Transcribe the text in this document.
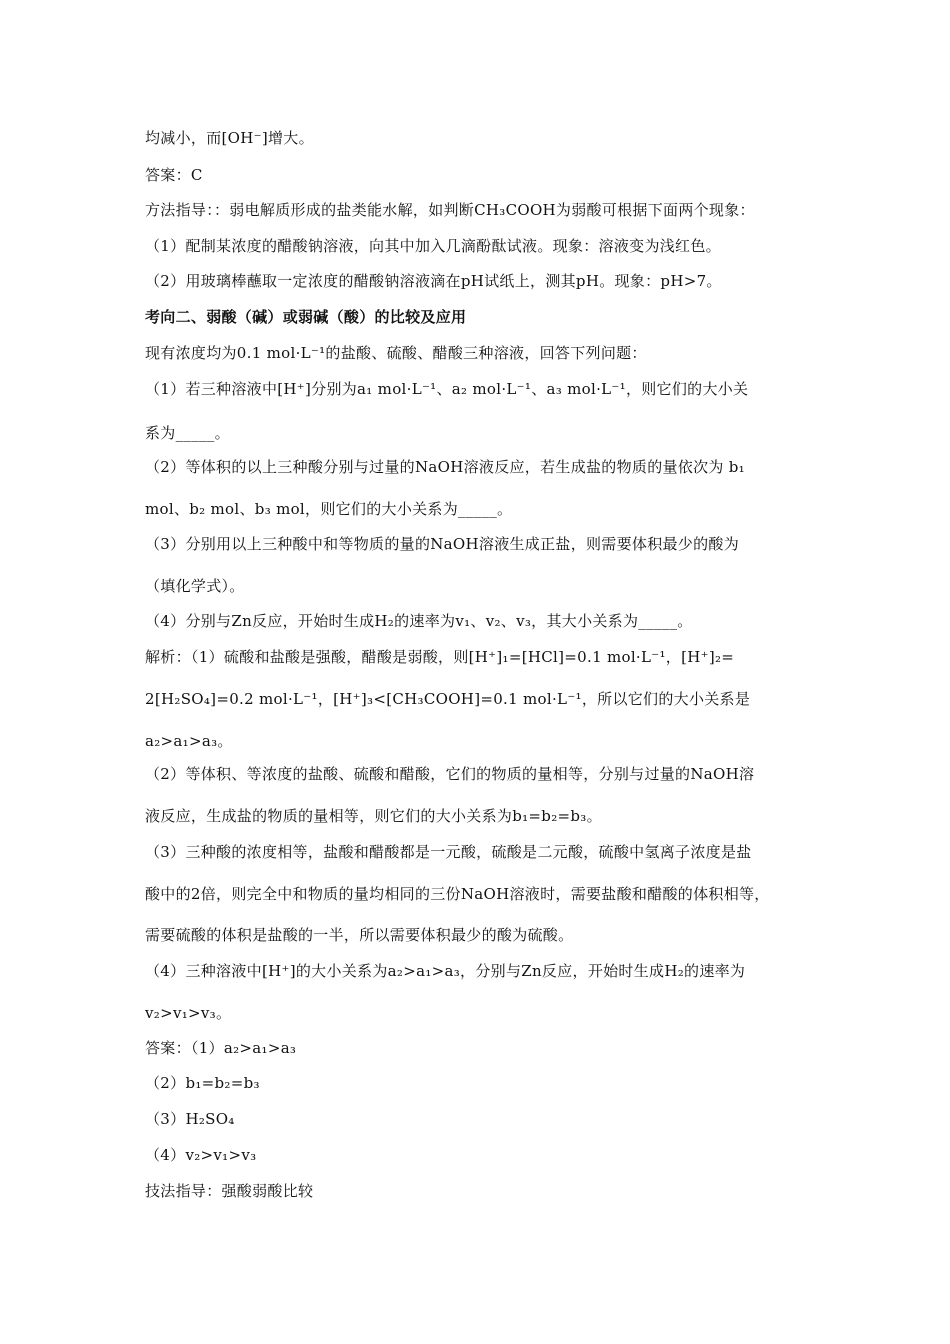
均减小，而[OH⁻]增大。
答案：C
方法指导：：弱电解质形成的盐类能水解，如判断CH₃COOH为弱酸可根据下面两个现象：
（1）配制某浓度的醋酸钠溶液，向其中加入几滴酚酞试液。现象：溶液变为浅红色。
（2）用玻璃棒蘸取一定浓度的醋酸钠溶液滴在pH试纸上，测其pH。现象：pH>7。
考向二、弱酸（碱）或弱碱（酸）的比较及应用
现有浓度均为0.1 mol·L⁻¹的盐酸、硫酸、醋酸三种溶液，回答下列问题：
（1）若三种溶液中[H⁺]分别为a₁ mol·L⁻¹、a₂ mol·L⁻¹、a₃ mol·L⁻¹，则它们的大小关
系为_____。
（2）等体积的以上三种酸分别与过量的NaOH溶液反应，若生成盐的物质的量依次为 b₁
mol、b₂ mol、b₃ mol，则它们的大小关系为_____。
（3）分别用以上三种酸中和等物质的量的NaOH溶液生成正盐，则需要体积最少的酸为
（填化学式）。
（4）分别与Zn反应，开始时生成H₂的速率为v₁、v₂、v₃，其大小关系为_____。
解析：（1）硫酸和盐酸是强酸，醋酸是弱酸，则[H⁺]₁=[HCl]=0.1 mol·L⁻¹，[H⁺]₂=
2[H₂SO₄]=0.2 mol·L⁻¹，[H⁺]₃<[CH₃COOH]=0.1 mol·L⁻¹，所以它们的大小关系是
a₂>a₁>a₃。
（2）等体积、等浓度的盐酸、硫酸和醋酸，它们的物质的量相等，分别与过量的NaOH溶
液反应，生成盐的物质的量相等，则它们的大小关系为b₁=b₂=b₃。
（3）三种酸的浓度相等，盐酸和醋酸都是一元酸，硫酸是二元酸，硫酸中氢离子浓度是盐
酸中的2倍，则完全中和物质的量均相同的三份NaOH溶液时，需要盐酸和醋酸的体积相等，
需要硫酸的体积是盐酸的一半，所以需要体积最少的酸为硫酸。
（4）三种溶液中[H⁺]的大小关系为a₂>a₁>a₃，分别与Zn反应，开始时生成H₂的速率为
v₂>v₁>v₃。
答案：（1）a₂>a₁>a₃
（2）b₁=b₂=b₃
（3）H₂SO₄
（4）v₂>v₁>v₃
技法指导：强酸弱酸比较
